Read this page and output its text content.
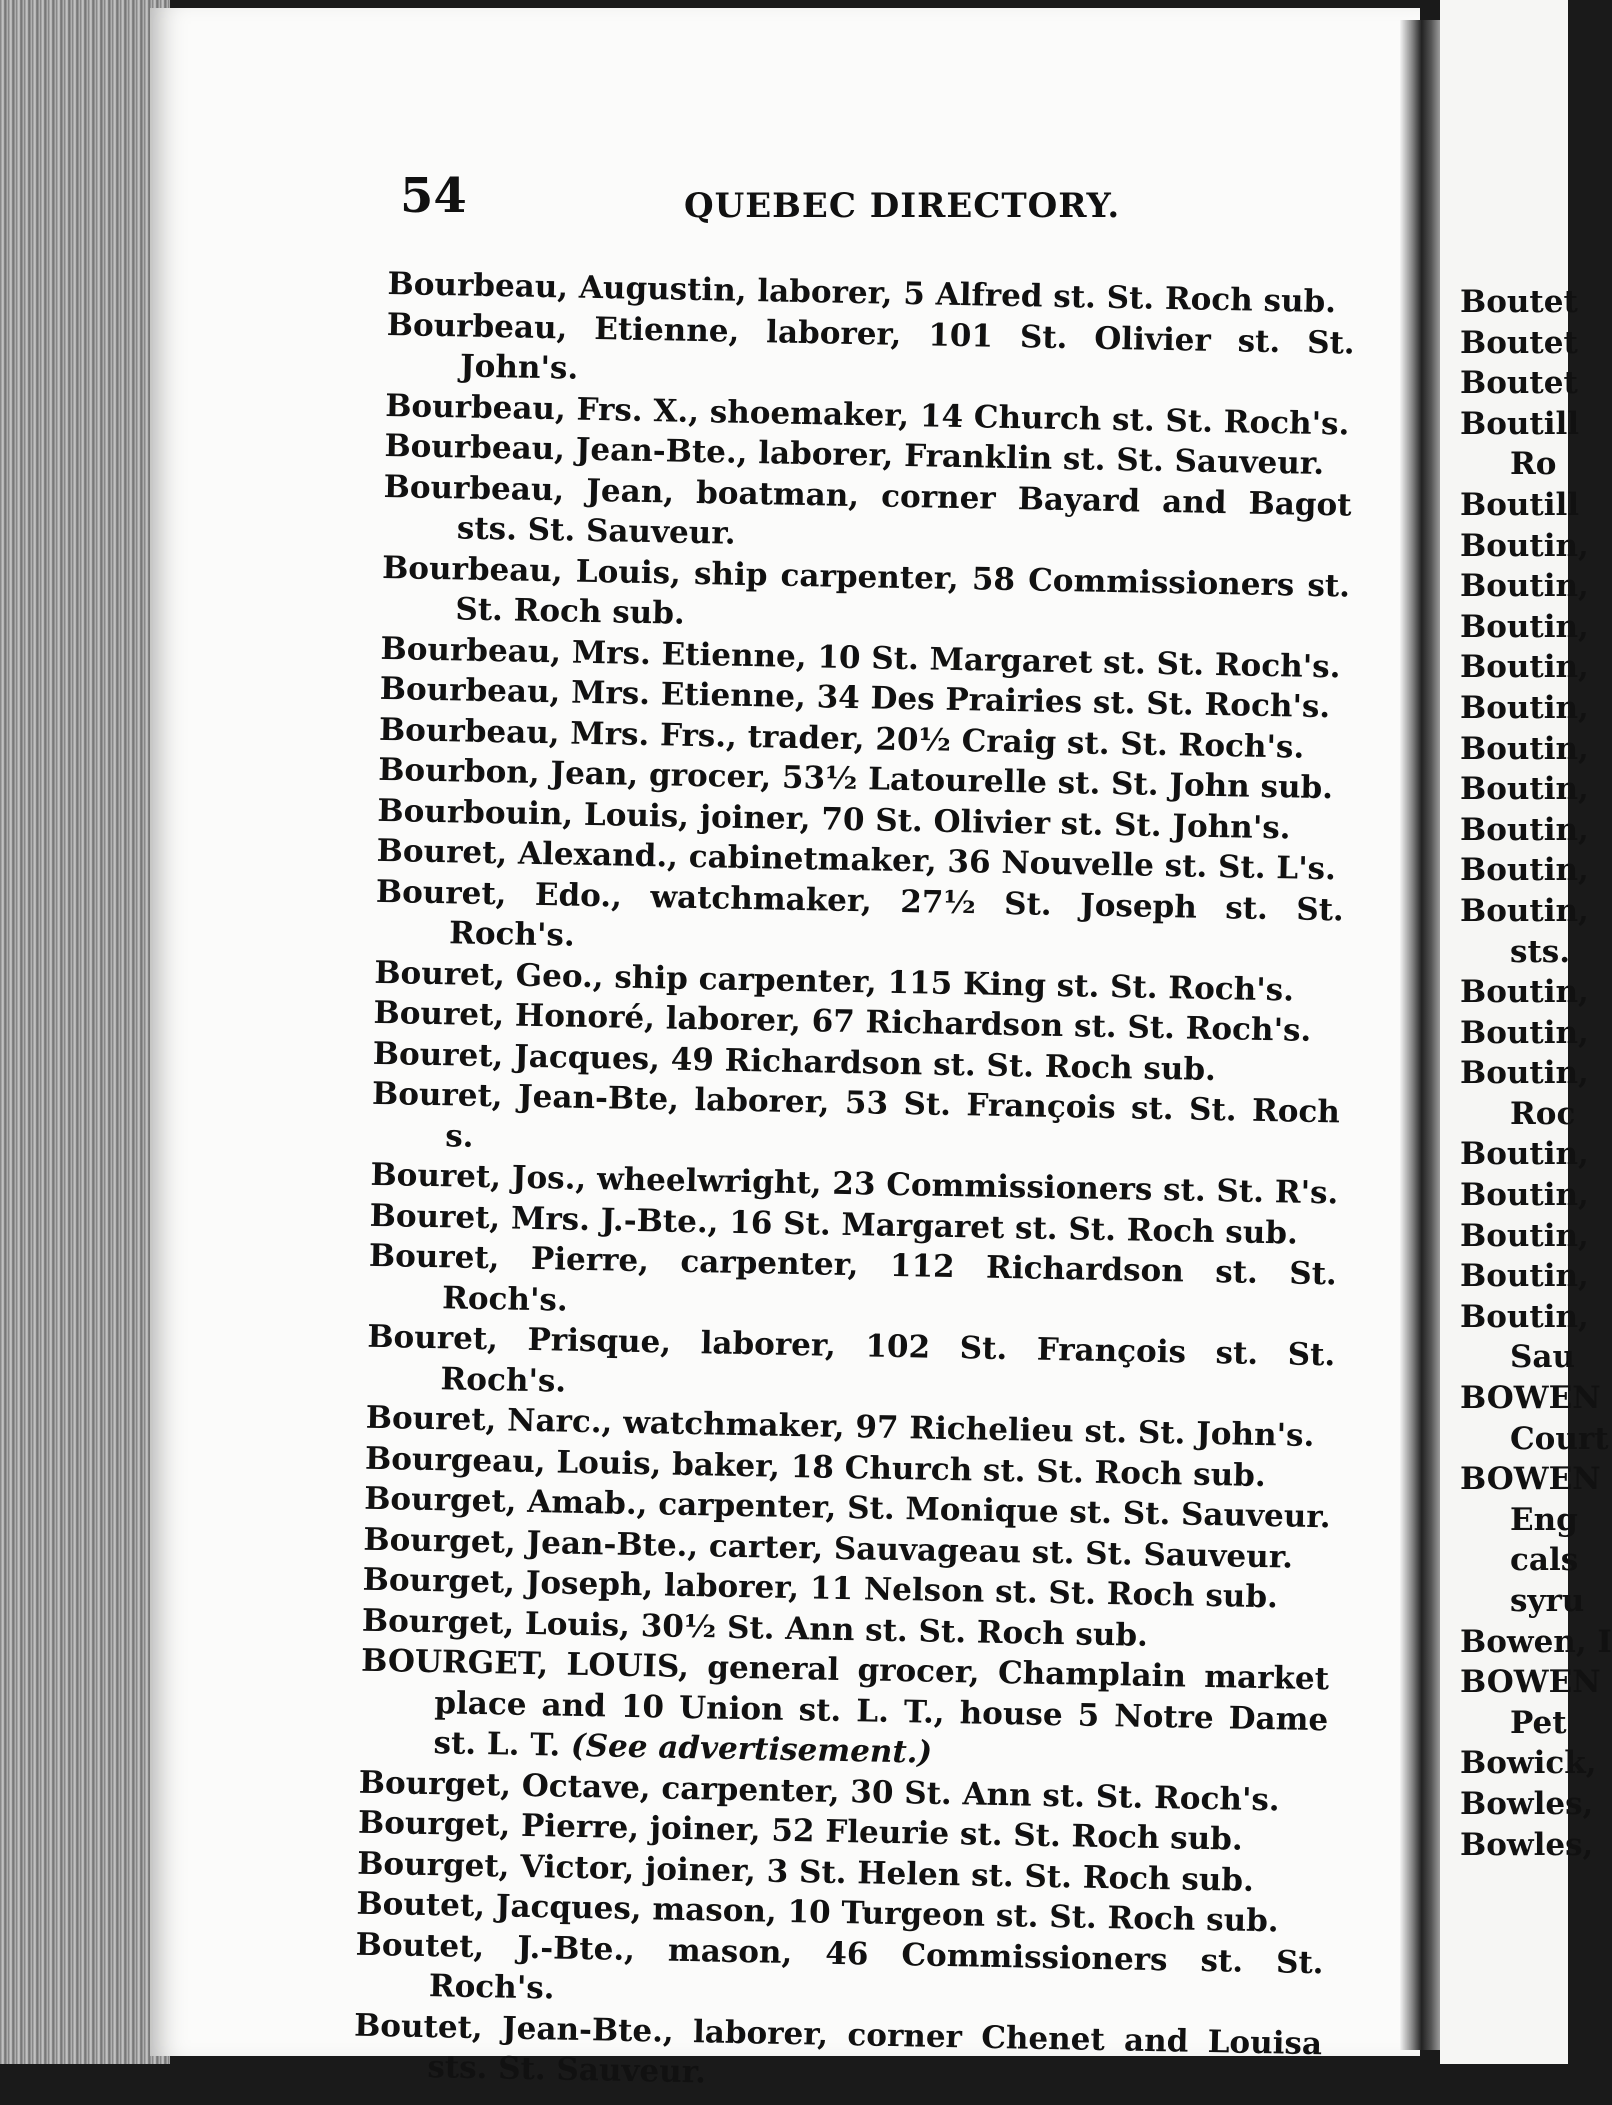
54	QUEBEC DIRECTORY.

Bourbeau, Augustin, laborer, 5 Alfred st. St. Roch sub.
Bourbeau, Etienne, laborer, 101 St. Olivier st. St. John's.
Bourbeau, Frs. X., shoemaker, 14 Church st. St. Roch's.
Bourbeau, Jean-Bte., laborer, Franklin st. St. Sauveur.
Bourbeau, Jean, boatman, corner Bayard and Bagot sts. St. Sauveur.
Bourbeau, Louis, ship carpenter, 58 Commissioners st. St. Roch sub.
Bourbeau, Mrs. Etienne, 10 St. Margaret st. St. Roch's.
Bourbeau, Mrs. Etienne, 34 Des Prairies st. St. Roch's.
Bourbeau, Mrs. Frs., trader, 20½ Craig st. St. Roch's.
Bourbon, Jean, grocer, 53½ Latourelle st. St. John sub.
Bourbouin, Louis, joiner, 70 St. Olivier st. St. John's.
Bouret, Alexand., cabinetmaker, 36 Nouvelle st. St. L's.
Bouret, Edo., watchmaker, 27½ St. Joseph st. St. Roch's.
Bouret, Geo., ship carpenter, 115 King st. St. Roch's.
Bouret, Honoré, laborer, 67 Richardson st. St. Roch's.
Bouret, Jacques, 49 Richardson st. St. Roch sub.
Bouret, Jean-Bte, laborer, 53 St. François st. St. Roch s.
Bouret, Jos., wheelwright, 23 Commissioners st. St. R's.
Bouret, Mrs. J.-Bte., 16 St. Margaret st. St. Roch sub.
Bouret, Pierre, carpenter, 112 Richardson st. St. Roch's.
Bouret, Prisque, laborer, 102 St. François st. St. Roch's.
Bouret, Narc., watchmaker, 97 Richelieu st. St. John's.
Bourgeau, Louis, baker, 18 Church st. St. Roch sub.
Bourget, Amab., carpenter, St. Monique st. St. Sauveur.
Bourget, Jean-Bte., carter, Sauvageau st. St. Sauveur.
Bourget, Joseph, laborer, 11 Nelson st. St. Roch sub.
Bourget, Louis, 30½ St. Ann st. St. Roch sub.
BOURGET, LOUIS, general grocer, Champlain market place and 10 Union st. L. T., house 5 Notre Dame st. L. T. (See advertisement.)
Bourget, Octave, carpenter, 30 St. Ann st. St. Roch's.
Bourget, Pierre, joiner, 52 Fleurie st. St. Roch sub.
Bourget, Victor, joiner, 3 St. Helen st. St. Roch sub.
Boutet, Jacques, mason, 10 Turgeon st. St. Roch sub.
Boutet, J.-Bte., mason, 46 Commissioners st. St. Roch's.
Boutet, Jean-Bte., laborer, corner Chenet and Louisa sts. St. Sauveur.
Boutet
Boutet
Boutet
Boutill
Ro
Boutill
Boutin,
Boutin,
Boutin,
Boutin,
Boutin,
Boutin,
Boutin,
Boutin,
Boutin,
Boutin,
sts.
Boutin,
Boutin,
Boutin,
Roc
Boutin,
Boutin,
Boutin,
Boutin,
Boutin,
Sau
BOWEN
Court
BOWEN
Eng
cals
syru
Bowen, I
BOWEN
Pet
Bowick,
Bowles,
Bowles,
